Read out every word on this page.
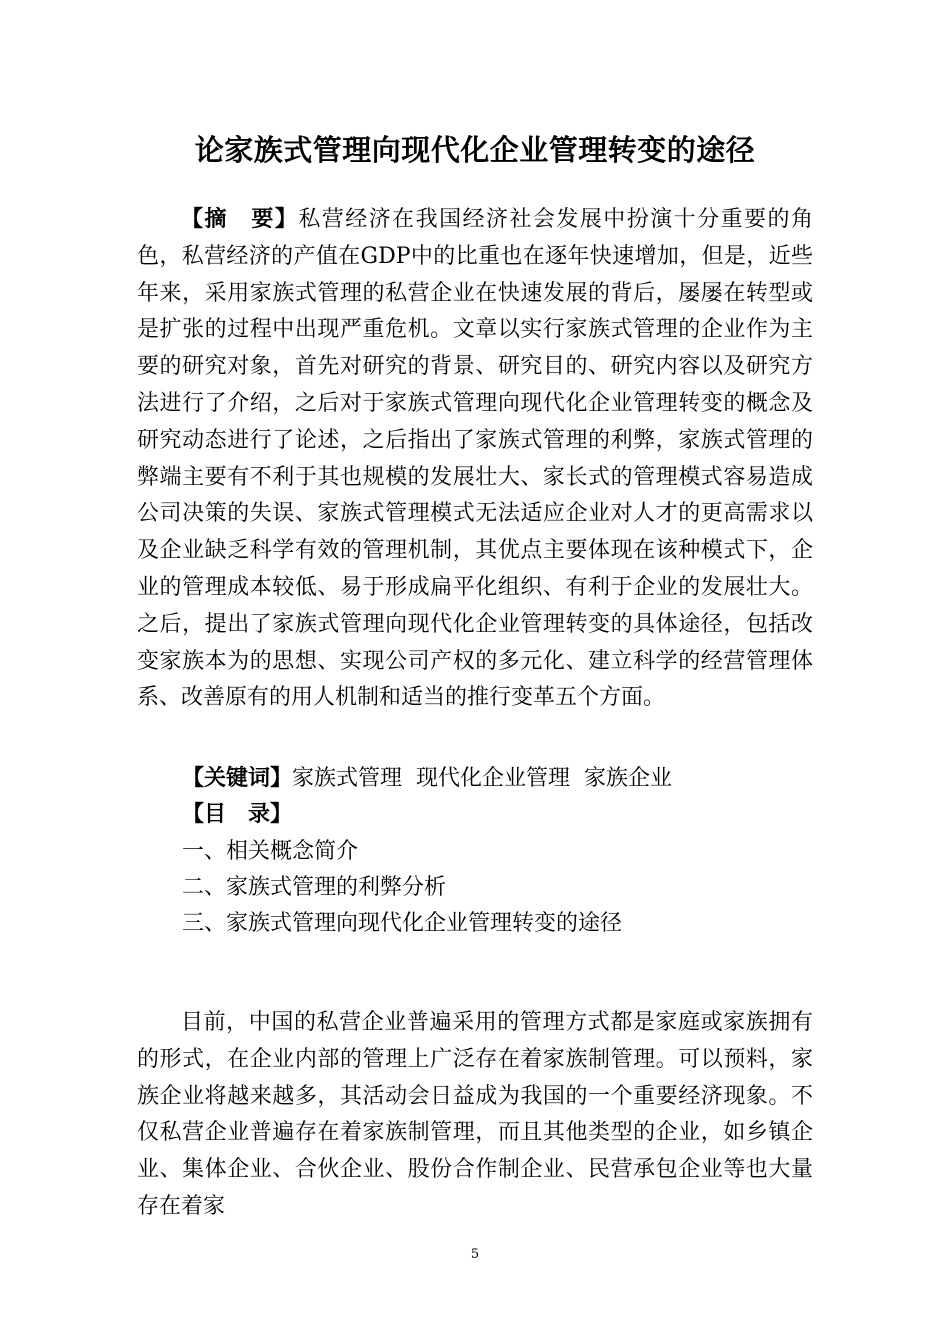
论家族式管理向现代化企业管理转变的途径

【摘　要】私营经济在我国经济社会发展中扮演十分重要的角色，私营经济的产值在GDP中的比重也在逐年快速增加，但是，近些年来，采用家族式管理的私营企业在快速发展的背后，屡屡在转型或是扩张的过程中出现严重危机。文章以实行家族式管理的企业作为主要的研究对象，首先对研究的背景、研究目的、研究内容以及研究方法进行了介绍，之后对于家族式管理向现代化企业管理转变的概念及研究动态进行了论述，之后指出了家族式管理的利弊，家族式管理的弊端主要有不利于其也规模的发展壮大、家长式的管理模式容易造成公司决策的失误、家族式管理模式无法适应企业对人才的更高需求以及企业缺乏科学有效的管理机制，其优点主要体现在该种模式下，企业的管理成本较低、易于形成扁平化组织、有利于企业的发展壮大。之后，提出了家族式管理向现代化企业管理转变的具体途径，包括改变家族本为的思想、实现公司产权的多元化、建立科学的经营管理体系、改善原有的用人机制和适当的推行变革五个方面。

【关键词】家族式管理 现代化企业管理 家族企业
【目　录】
一、相关概念简介
二、家族式管理的利弊分析
三、家族式管理向现代化企业管理转变的途径

目前，中国的私营企业普遍采用的管理方式都是家庭或家族拥有的形式，在企业内部的管理上广泛存在着家族制管理。可以预料，家族企业将越来越多，其活动会日益成为我国的一个重要经济现象。不仅私营企业普遍存在着家族制管理，而且其他类型的企业，如乡镇企业、集体企业、合伙企业、股份合作制企业、民营承包企业等也大量存在着家

5
